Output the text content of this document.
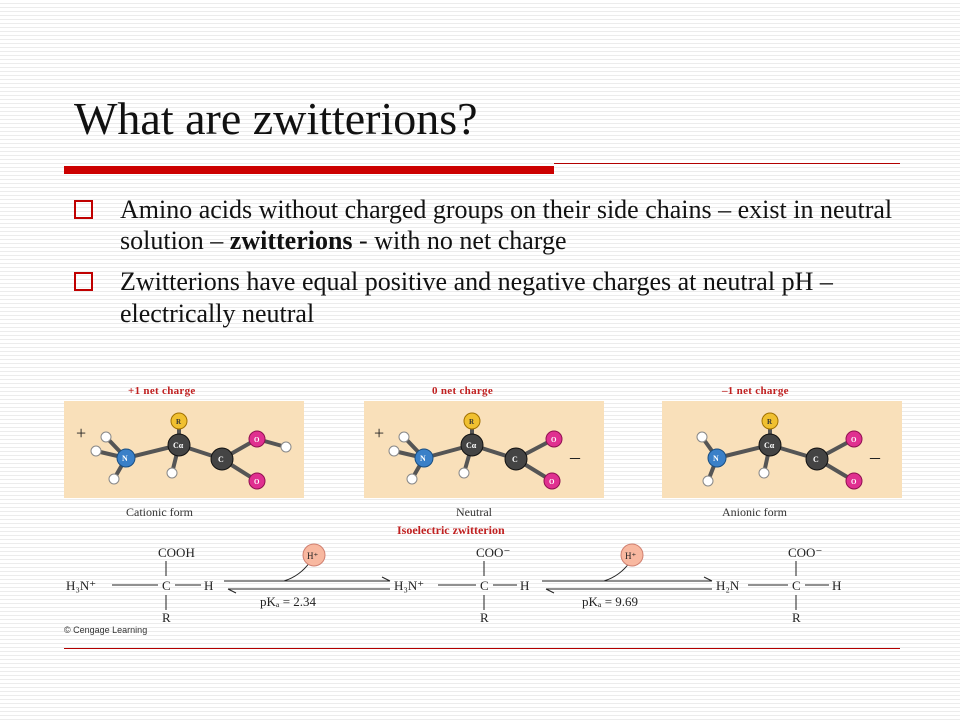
What are zwitterions?
Amino acids without charged groups on their side chains – exist in neutral solution – zwitterions - with no net charge
Zwitterions have equal positive and negative charges at neutral pH – electrically neutral
+1 net charge	0 net charge	–1 net charge
R
Cα
N	C
O
O
+
R
Cα
N	C
O
O
+
–
R
Cα
N	C
O
O
–
Cationic form	Neutral	Anionic form
Isoelectric zwitterion
COOH
H₃N⁺	C	H
R
COO⁻
H₃N⁺	C H
R
COO⁻
H₂N	C H
R
pKₐ = 2.34	pKₐ = 9.69
H⁺	H⁺
© Cengage Learning
